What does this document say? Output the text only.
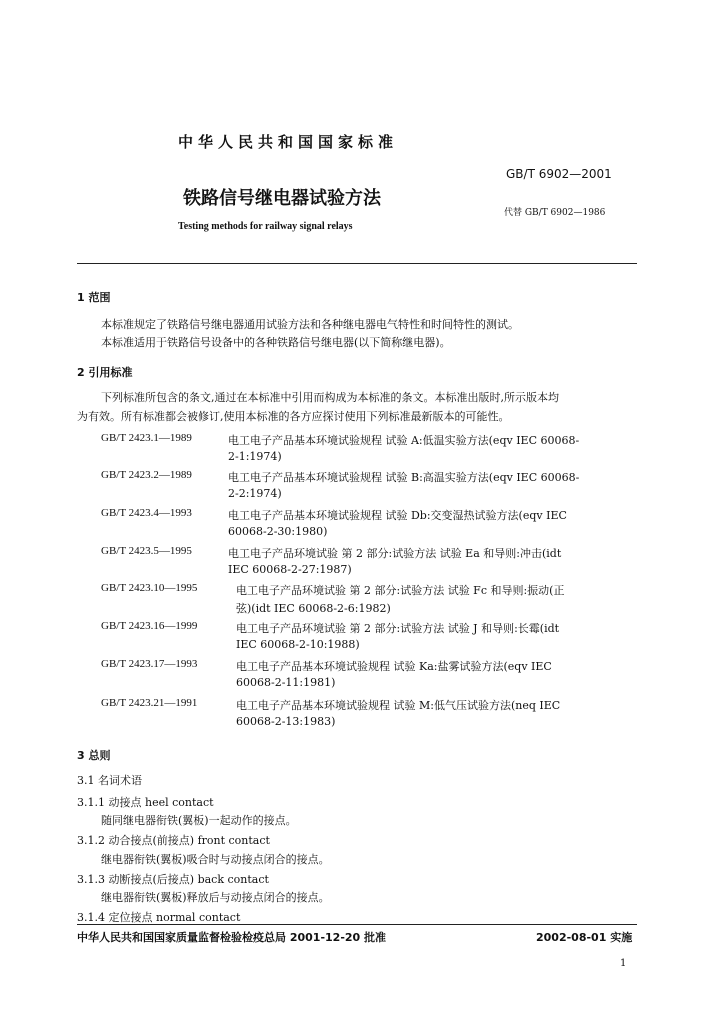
中华人民共和国国家标准
GB/T 6902—2001
铁路信号继电器试验方法
代替 GB/T 6902—1986
Testing methods for railway signal relays
1 范围
本标准规定了铁路信号继电器通用试验方法和各种继电器电气特性和时间特性的测试。
本标准适用于铁路信号设备中的各种铁路信号继电器(以下简称继电器)。
2 引用标准
下列标准所包含的条文,通过在本标准中引用而构成为本标准的条文。本标准出版时,所示版本均
为有效。所有标准都会被修订,使用本标准的各方应探讨使用下列标准最新版本的可能性。
GB/T 2423.1—1989	电工电子产品基本环境试验规程 试验 A:低温实验方法(eqv IEC 60068-
2-1:1974)
GB/T 2423.2—1989	电工电子产品基本环境试验规程 试验 B:高温实验方法(eqv IEC 60068-
2-2:1974)
GB/T 2423.4—1993	电工电子产品基本环境试验规程 试验 Db:交变湿热试验方法(eqv IEC
60068-2-30:1980)
GB/T 2423.5—1995	电工电子产品环境试验 第 2 部分:试验方法 试验 Ea 和导则:冲击(idt
IEC 60068-2-27:1987)
GB/T 2423.10—1995	电工电子产品环境试验 第 2 部分:试验方法 试验 Fc 和导则:振动(正
弦)(idt IEC 60068-2-6:1982)
GB/T 2423.16—1999	电工电子产品环境试验 第 2 部分:试验方法 试验 J 和导则:长霉(idt
IEC 60068-2-10:1988)
GB/T 2423.17—1993	电工电子产品基本环境试验规程 试验 Ka:盐雾试验方法(eqv IEC
60068-2-11:1981)
GB/T 2423.21—1991	电工电子产品基本环境试验规程 试验 M:低气压试验方法(neq IEC
60068-2-13:1983)
3 总则
3.1 名词术语
3.1.1 动接点 heel contact
随同继电器衔铁(翼板)一起动作的接点。
3.1.2 动合接点(前接点) front contact
继电器衔铁(翼板)吸合时与动接点闭合的接点。
3.1.3 动断接点(后接点) back contact
继电器衔铁(翼板)释放后与动接点闭合的接点。
3.1.4 定位接点 normal contact
中华人民共和国国家质量监督检验检疫总局 2001-12-20 批准	2002-08-01 实施
1
